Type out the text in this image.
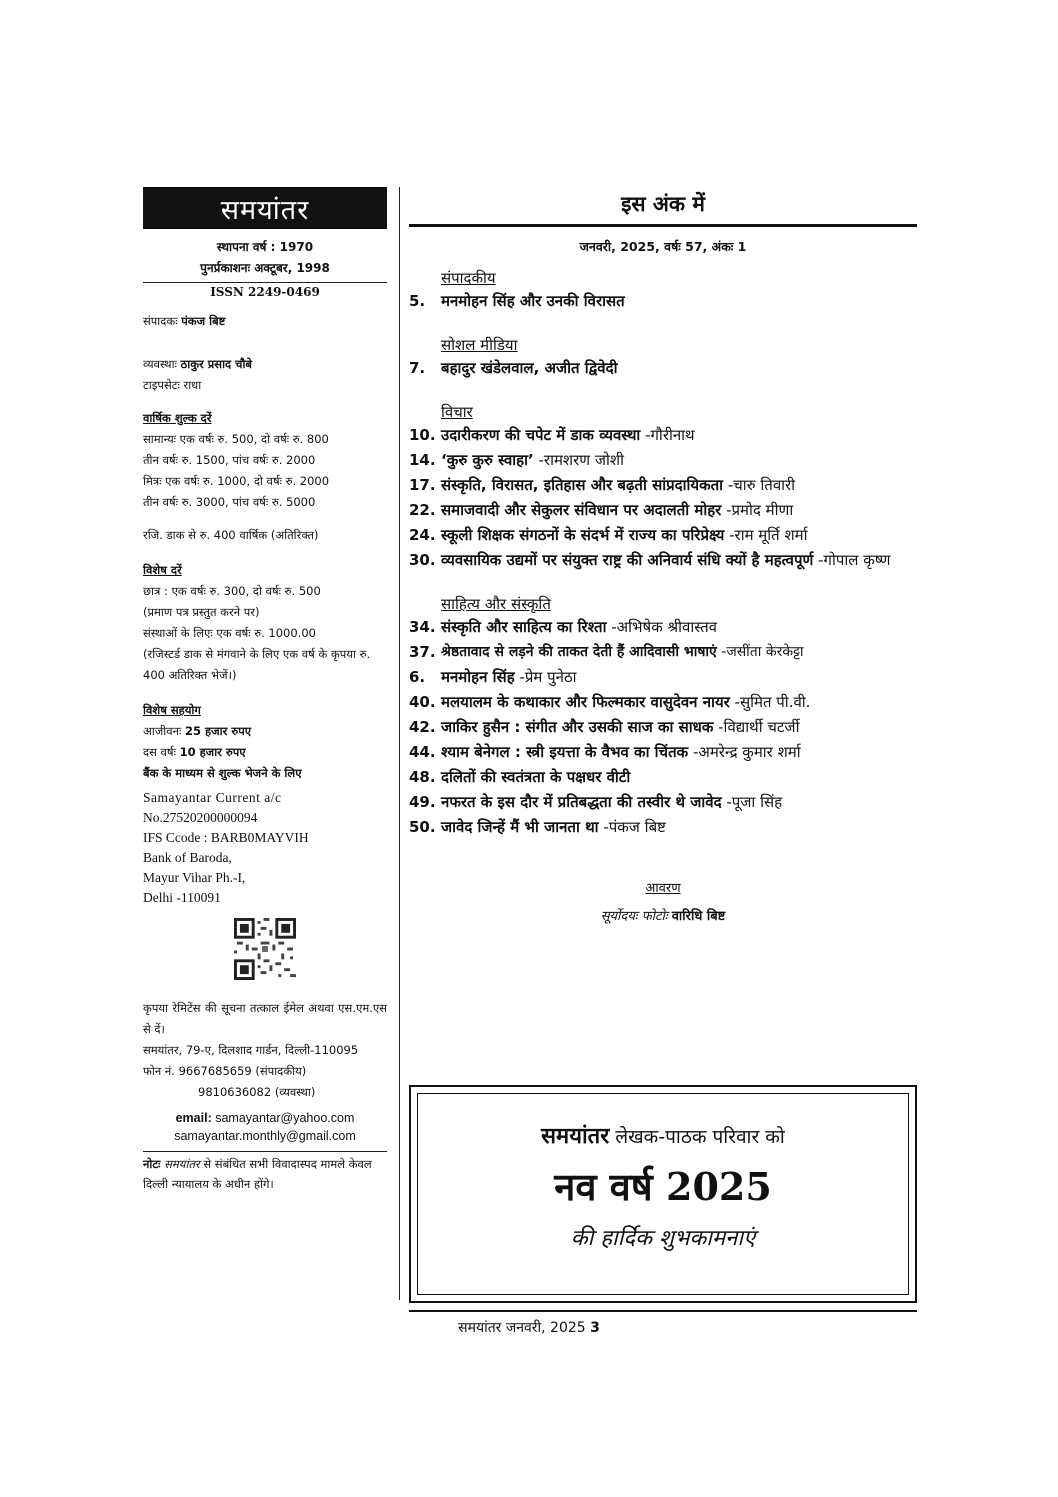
समयांतर
स्थापना वर्ष : 1970
पुनर्प्रकाशनः अक्टूबर, 1998
ISSN 2249-0469
संपादकः पंकज बिष्ट
व्यवस्थाः ठाकुर प्रसाद चौबे
टाइपसेटः राधा
वार्षिक शुल्क दरें
सामान्यः एक वर्षः रु. 500, दो वर्षः रु. 800
तीन वर्षः रु. 1500, पांच वर्षः रु. 2000
मित्रः एक वर्षः रु. 1000, दो वर्षः रु. 2000
तीन वर्षः रु. 3000, पांच वर्षः रु. 5000
रजि. डाक से रु. 400 वार्षिक (अतिरिक्त)
विशेष दरें
छात्र : एक वर्षः रु. 300, दो वर्षः रु. 500
(प्रमाण पत्र प्रस्तुत करने पर)
संस्थाओं के लिएः एक वर्षः रु. 1000.00
(रजिस्टर्ड डाक से मंगवाने के लिए एक वर्ष के कृपया रु. 400 अतिरिक्त भेजें।)
विशेष सहयोग
आजीवनः 25 हजार रुपए
दस वर्षः 10 हजार रुपए
बैंक के माध्यम से शुल्क भेजने के लिए
Samayantar Current a/c
No.27520200000094
IFS Ccode : BARB0MAYVIH
Bank of Baroda,
Mayur Vihar Ph.-I,
Delhi -110091
कृपया रेमिटेंस की सूचना तत्काल ईमेल अथवा एस.एम.एस से दें।
समयांतर, 79-ए, दिलशाद गार्डन, दिल्ली-110095
फोन नं. 9667685659 (संपादकीय)
9810636082 (व्यवस्था)
email: samayantar@yahoo.com
samayantar.monthly@gmail.com
नोटः समयांतर से संबंधित सभी विवादास्पद मामले केवल दिल्ली न्यायालय के अधीन होंगे।
इस अंक में
जनवरी, 2025, वर्षः 57, अंकः 1
संपादकीय
5.	मनमोहन सिंह और उनकी विरासत
सोशल मीडिया
7.	बहादुर खंडेलवाल, अजीत द्विवेदी
विचार
10. उदारीकरण की चपेट में डाक व्यवस्था -गौरीनाथ
14. ‘कुरु कुरु स्वाहा’ -रामशरण जोशी
17. संस्कृति, विरासत, इतिहास और बढ़ती सांप्रदायिकता -चारु तिवारी
22. समाजवादी और सेकुलर संविधान पर अदालती मोहर -प्रमोद मीणा
24. स्कूली शिक्षक संगठनों के संदर्भ में राज्य का परिप्रेक्ष्य -राम मूर्ति शर्मा
30. व्यवसायिक उद्यमों पर संयुक्त राष्ट्र की अनिवार्य संधि क्यों है महत्वपूर्ण -गोपाल कृष्ण
साहित्य और संस्कृति
34. संस्कृति और साहित्य का रिश्ता -अभिषेक श्रीवास्तव
37. श्रेष्ठतावाद से लड़ने की ताकत देती हैं आदिवासी भाषाएं -जसींता केरकेट्टा
6.	मनमोहन सिंह -प्रेम पुनेठा
40. मलयालम के कथाकार और फिल्मकार वासुदेवन नायर -सुमित पी.वी.
42. जाकिर हुसैन : संगीत और उसकी साज का साधक -विद्यार्थी चटर्जी
44. श्याम बेनेगल : स्त्री इयत्ता के वैभव का चिंतक -अमरेन्द्र कुमार शर्मा
48. दलितों की स्वतंत्रता के पक्षधर वीटी
49. नफरत के इस दौर में प्रतिबद्धता की तस्वीर थे जावेद -पूजा सिंह
50. जावेद जिन्हें मैं भी जानता था -पंकज बिष्ट
आवरण
सूर्योदयः फोटोः वारिधि बिष्ट
समयांतर लेखक-पाठक परिवार को
नव वर्ष 2025
की हार्दिक शुभकामनाएं
समयांतर जनवरी, 2025 3
